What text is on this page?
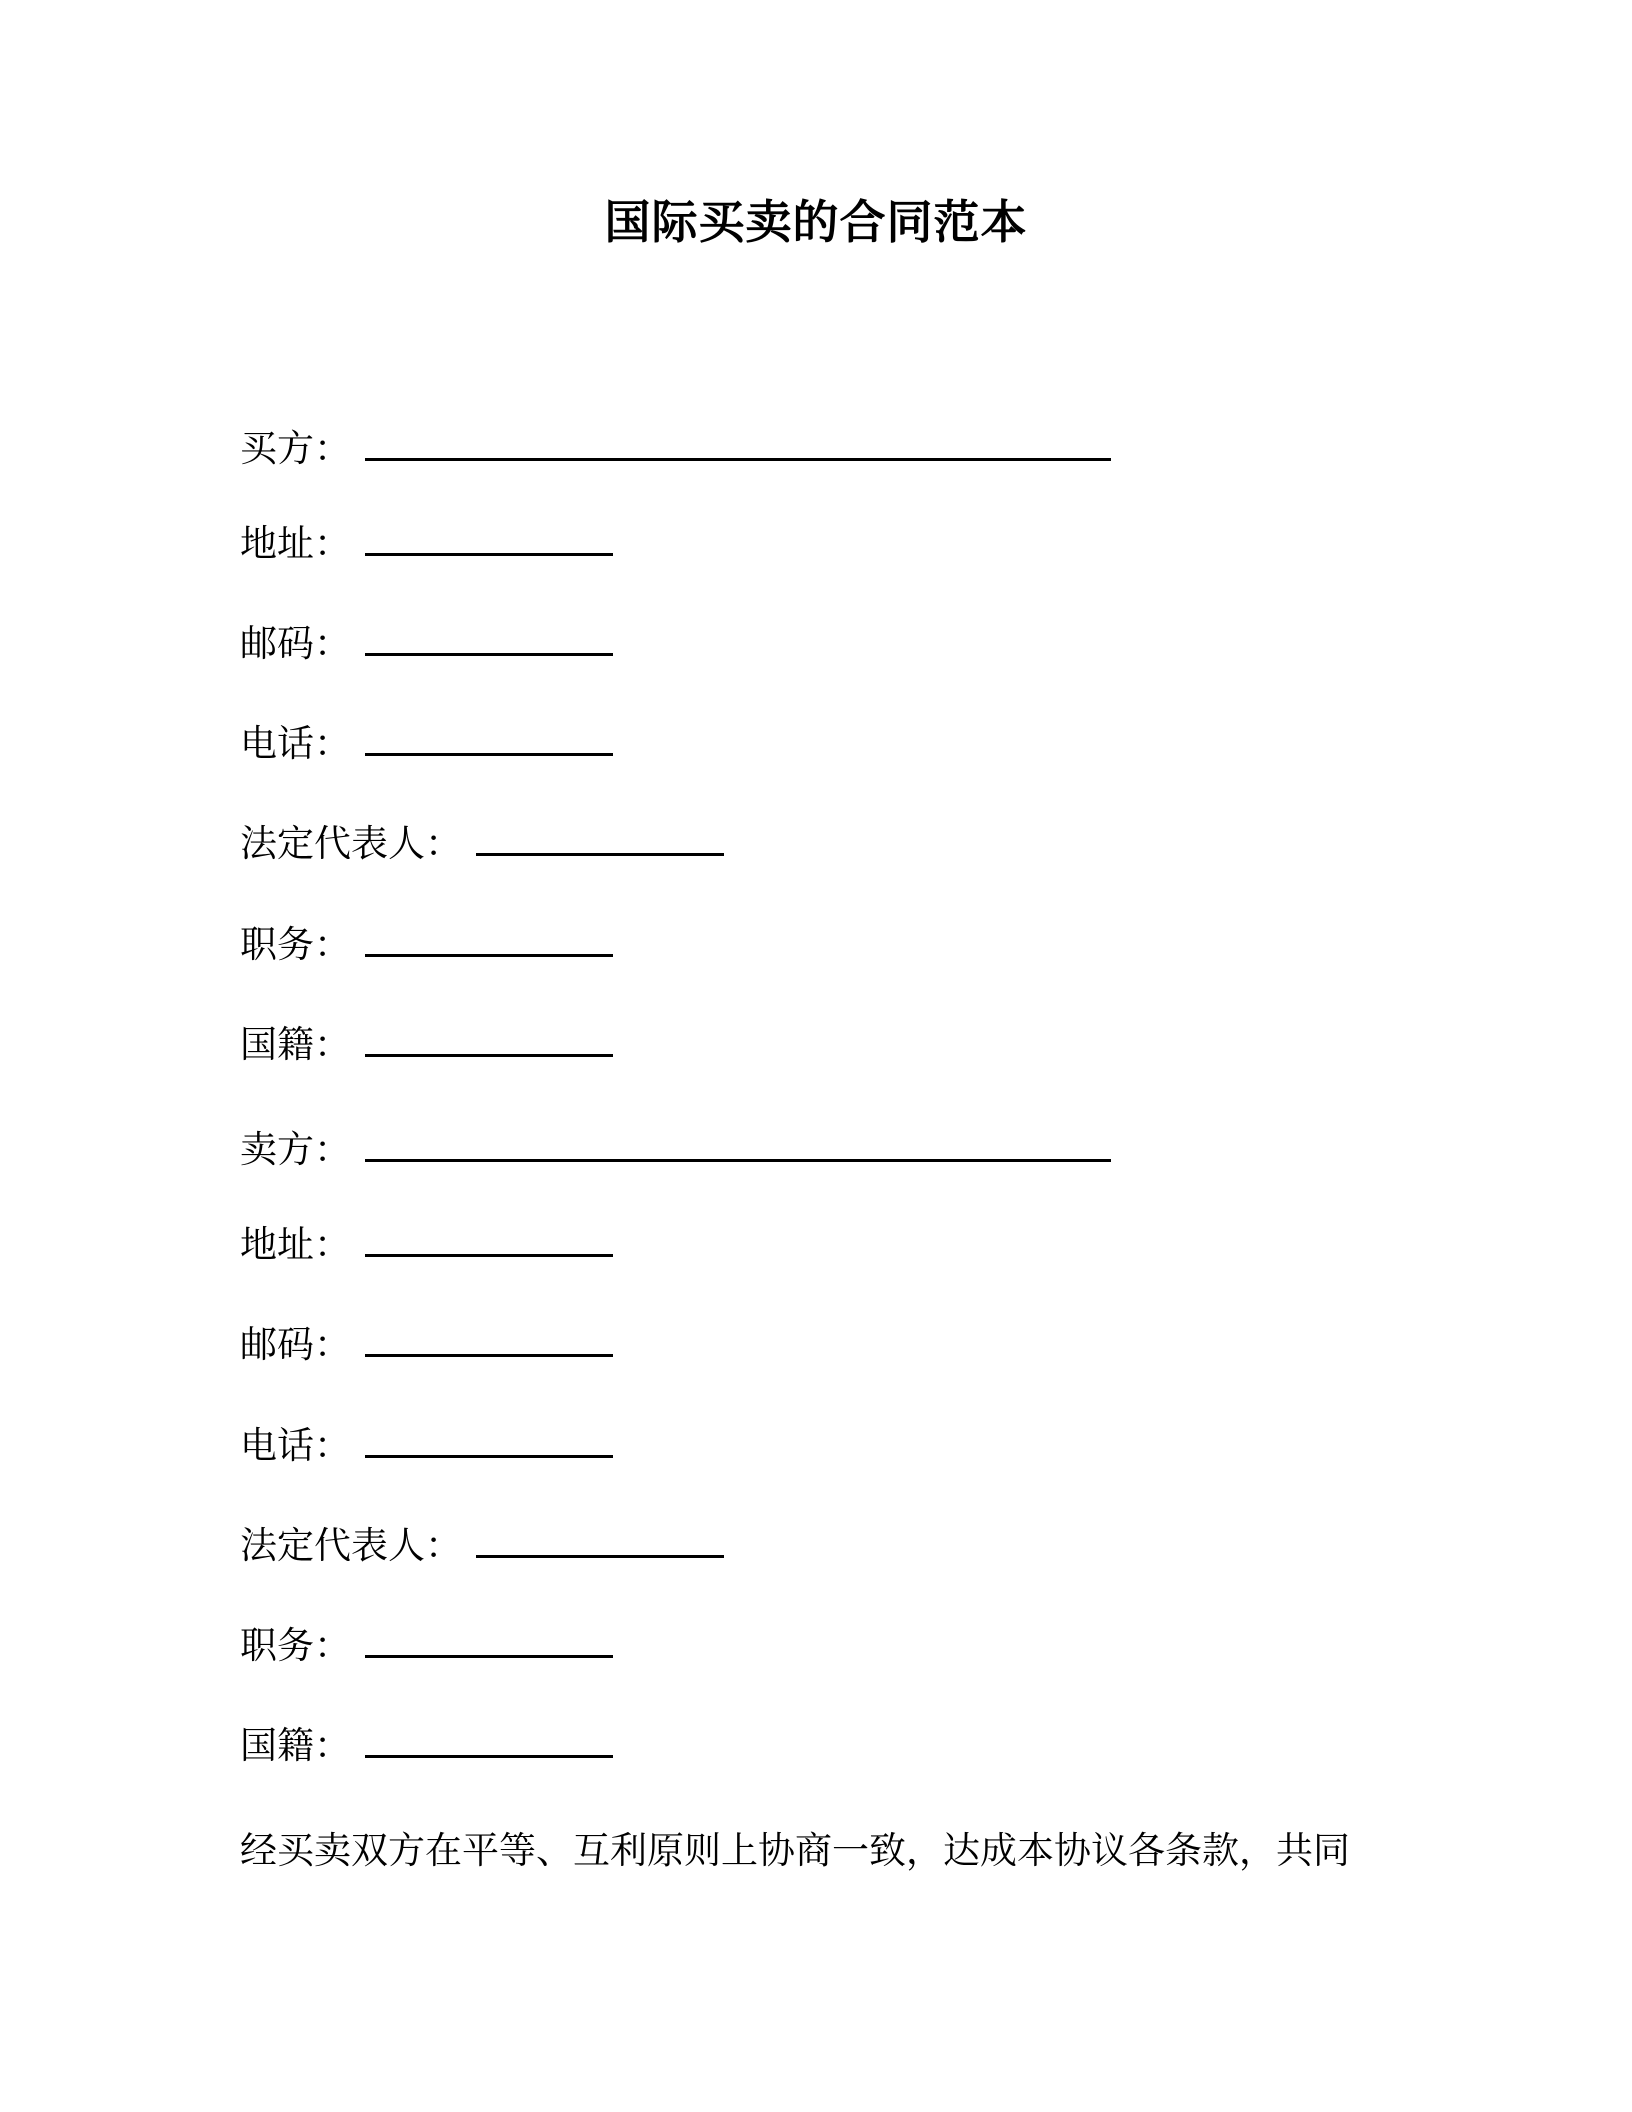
国际买卖的合同范本
买方：
地址：
邮码：
电话：
法定代表人：
职务：
国籍：
卖方：
地址：
邮码：
电话：
法定代表人：
职务：
国籍：
经买卖双方在平等、互利原则上协商一致，达成本协议各条款，共同
